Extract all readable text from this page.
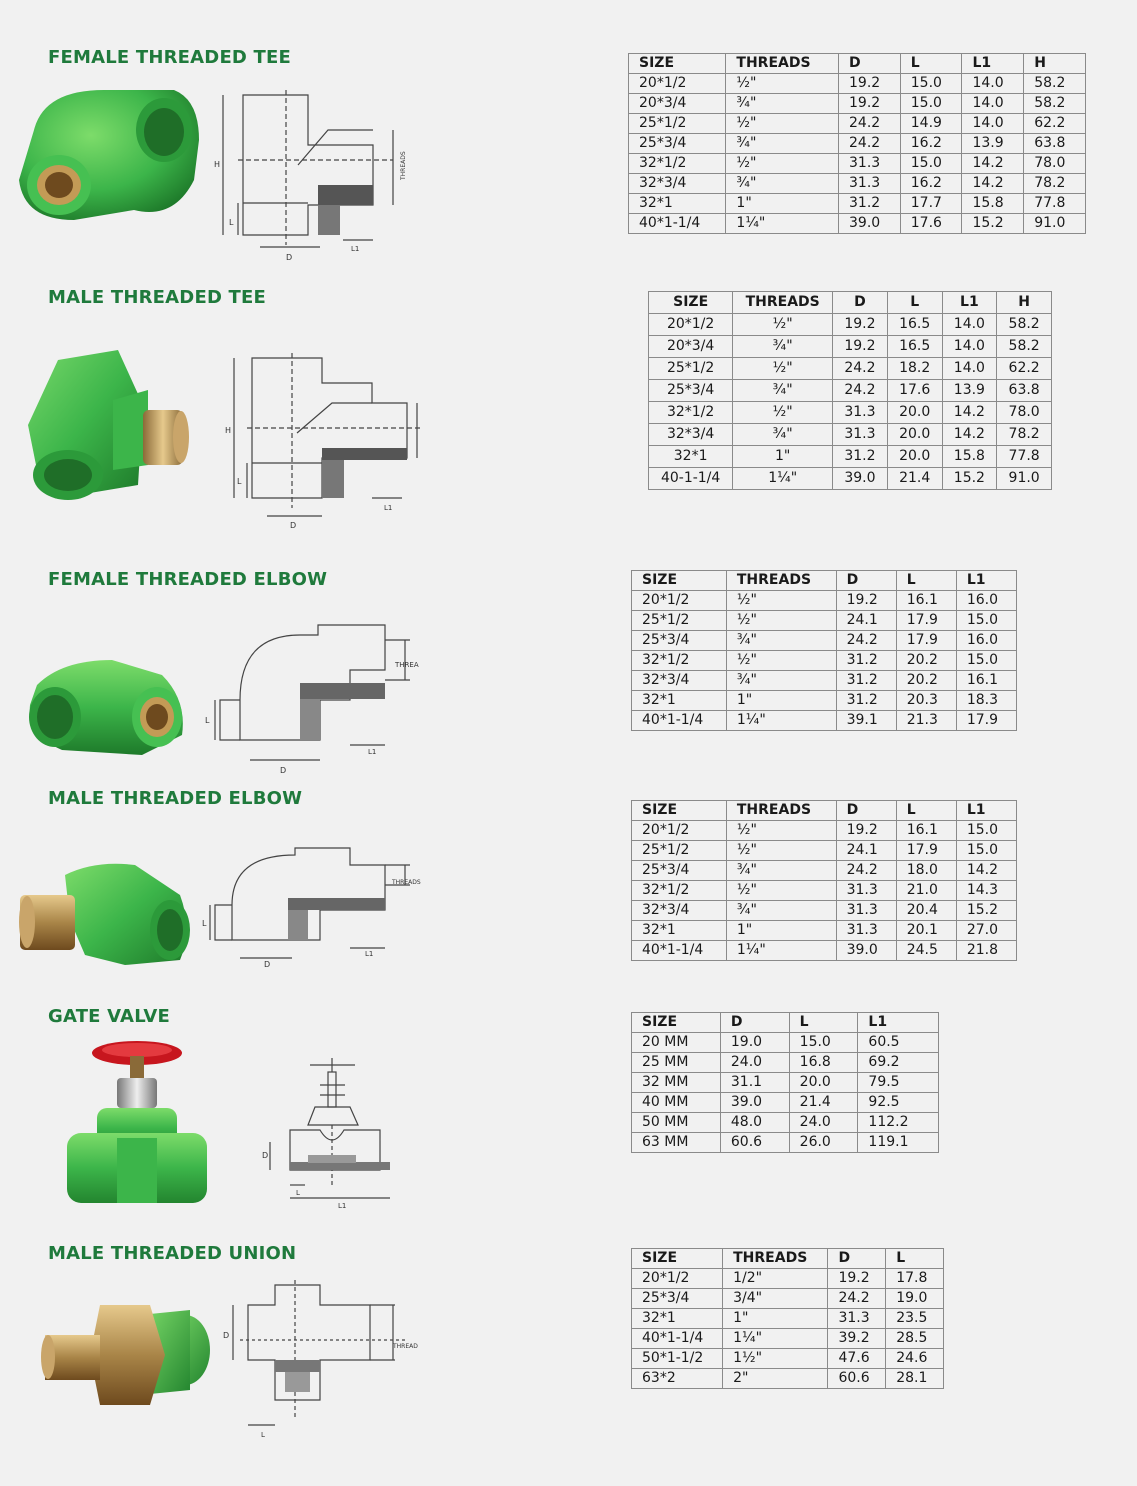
FEMALE THREADED TEE
H
L
D
L1
THREADS
SIZE	THREADS	D	L	L1	H
20*1/2	½"	19.2	15.0	14.0	58.2
20*3/4	¾"	19.2	15.0	14.0	58.2
25*1/2	½"	24.2	14.9	14.0	62.2
25*3/4	¾"	24.2	16.2	13.9	63.8
32*1/2	½"	31.3	15.0	14.2	78.0
32*3/4	¾"	31.3	16.2	14.2	78.2
32*1	1"	31.2	17.7	15.8	77.8
40*1-1/4	1¼"	39.0	17.6	15.2	91.0
MALE THREADED TEE
H
L
D
L1
SIZE	THREADS	D	L	L1	H
20*1/2	½"	19.2	16.5	14.0	58.2
20*3/4	¾"	19.2	16.5	14.0	58.2
25*1/2	½"	24.2	18.2	14.0	62.2
25*3/4	¾"	24.2	17.6	13.9	63.8
32*1/2	½"	31.3	20.0	14.2	78.0
32*3/4	¾"	31.3	20.0	14.2	78.2
32*1	1"	31.2	20.0	15.8	77.8
40-1-1/4	1¼"	39.0	21.4	15.2	91.0
FEMALE THREADED ELBOW
L
D
L1
THREA
SIZE	THREADS	D	L	L1
20*1/2	½"	19.2	16.1	16.0
25*1/2	½"	24.1	17.9	15.0
25*3/4	¾"	24.2	17.9	16.0
32*1/2	½"	31.2	20.2	15.0
32*3/4	¾"	31.2	20.2	16.1
32*1	1"	31.2	20.3	18.3
40*1-1/4	1¼"	39.1	21.3	17.9
MALE THREADED ELBOW
L
D
L1
THREADS
SIZE	THREADS	D	L	L1
20*1/2	½"	19.2	16.1	15.0
25*1/2	½"	24.1	17.9	15.0
25*3/4	¾"	24.2	18.0	14.2
32*1/2	½"	31.3	21.0	14.3
32*3/4	¾"	31.3	20.4	15.2
32*1	1"	31.3	20.1	27.0
40*1-1/4	1¼"	39.0	24.5	21.8
GATE VALVE
D
L
L1
SIZE	D	L	L1
20 MM	19.0	15.0	60.5
25 MM	24.0	16.8	69.2
32 MM	31.1	20.0	79.5
40 MM	39.0	21.4	92.5
50 MM	48.0	24.0	112.2
63 MM	60.6	26.0	119.1
MALE THREADED UNION
D
L
THREAD
SIZE	THREADS	D	L
20*1/2	1/2"	19.2	17.8
25*3/4	3/4"	24.2	19.0
32*1	1"	31.3	23.5
40*1-1/4	1¼"	39.2	28.5
50*1-1/2	1½"	47.6	24.6
63*2	2"	60.6	28.1
